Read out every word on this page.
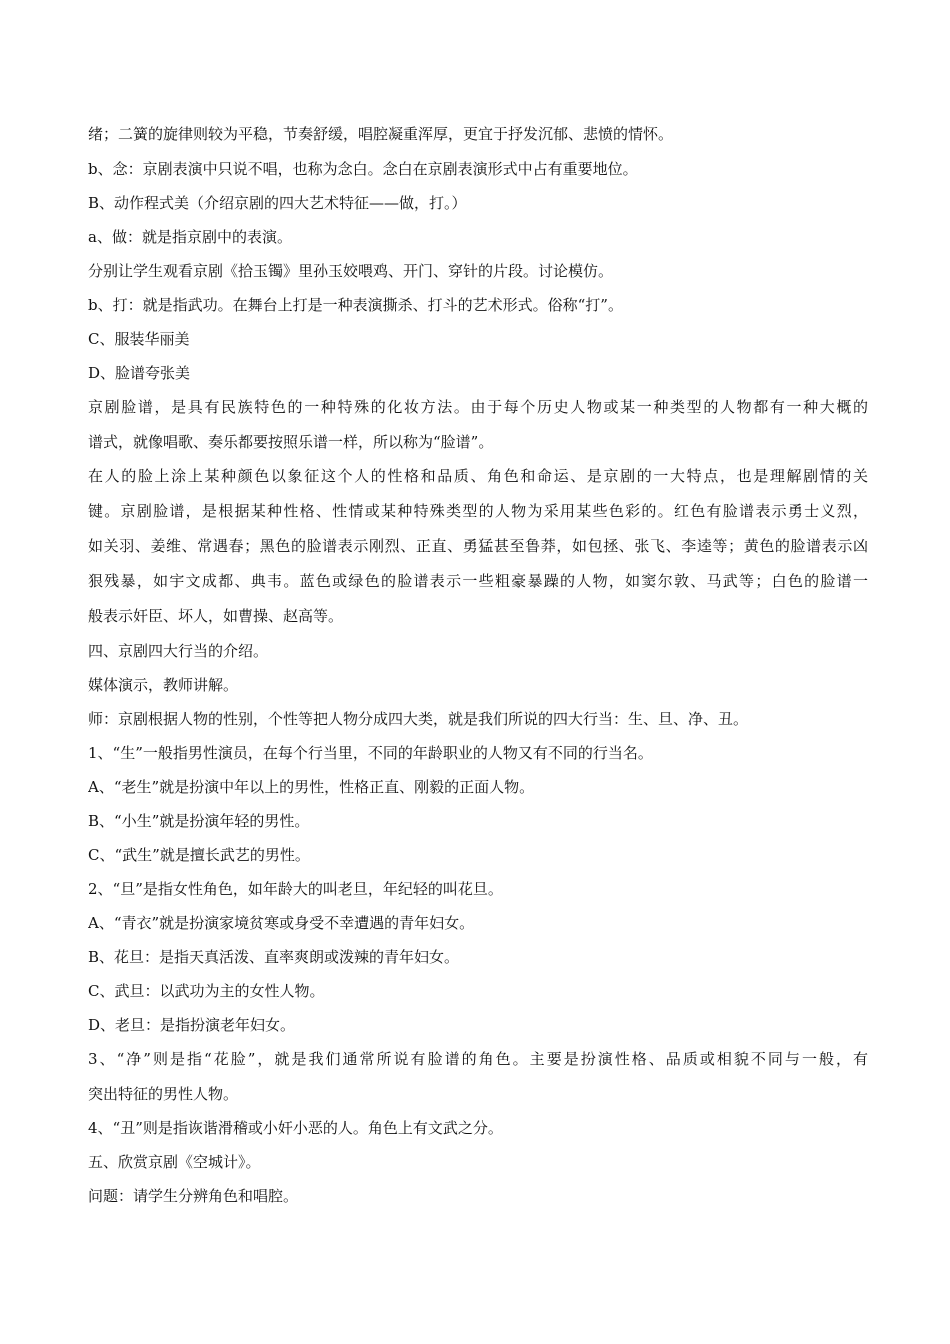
绪；二簧的旋律则较为平稳，节奏舒缓，唱腔凝重浑厚，更宜于抒发沉郁、悲愤的情怀。
b、念：京剧表演中只说不唱，也称为念白。念白在京剧表演形式中占有重要地位。
B、动作程式美（介绍京剧的四大艺术特征——做，打。）
a、做：就是指京剧中的表演。
分别让学生观看京剧《拾玉镯》里孙玉姣喂鸡、开门、穿针的片段。讨论模仿。
b、打：就是指武功。在舞台上打是一种表演撕杀、打斗的艺术形式。俗称“打”。
C、服装华丽美
D、脸谱夸张美
京剧脸谱，是具有民族特色的一种特殊的化妆方法。由于每个历史人物或某一种类型的人物都有一种大概的
谱式，就像唱歌、奏乐都要按照乐谱一样，所以称为“脸谱”。
在人的脸上涂上某种颜色以象征这个人的性格和品质、角色和命运、是京剧的一大特点，也是理解剧情的关
键。京剧脸谱，是根据某种性格、性情或某种特殊类型的人物为采用某些色彩的。红色有脸谱表示勇士义烈，
如关羽、姜维、常遇春；黑色的脸谱表示刚烈、正直、勇猛甚至鲁莽，如包拯、张飞、李逵等；黄色的脸谱表示凶
狠残暴，如宇文成都、典韦。蓝色或绿色的脸谱表示一些粗豪暴躁的人物，如窦尔敦、马武等；白色的脸谱一
般表示奸臣、坏人，如曹操、赵高等。
四、京剧四大行当的介绍。
媒体演示，教师讲解。
师：京剧根据人物的性别，个性等把人物分成四大类，就是我们所说的四大行当：生、旦、净、丑。
1、“生”一般指男性演员，在每个行当里，不同的年龄职业的人物又有不同的行当名。
A、“老生”就是扮演中年以上的男性，性格正直、刚毅的正面人物。
B、“小生”就是扮演年轻的男性。
C、“武生”就是擅长武艺的男性。
2、“旦”是指女性角色，如年龄大的叫老旦，年纪轻的叫花旦。
A、“青衣”就是扮演家境贫寒或身受不幸遭遇的青年妇女。
B、花旦：是指天真活泼、直率爽朗或泼辣的青年妇女。
C、武旦：以武功为主的女性人物。
D、老旦：是指扮演老年妇女。
3、“净”则是指“花脸”，就是我们通常所说有脸谱的角色。主要是扮演性格、品质或相貌不同与一般，有
突出特征的男性人物。
4、“丑”则是指诙谐滑稽或小奸小恶的人。角色上有文武之分。
五、欣赏京剧《空城计》。
问题：请学生分辨角色和唱腔。
